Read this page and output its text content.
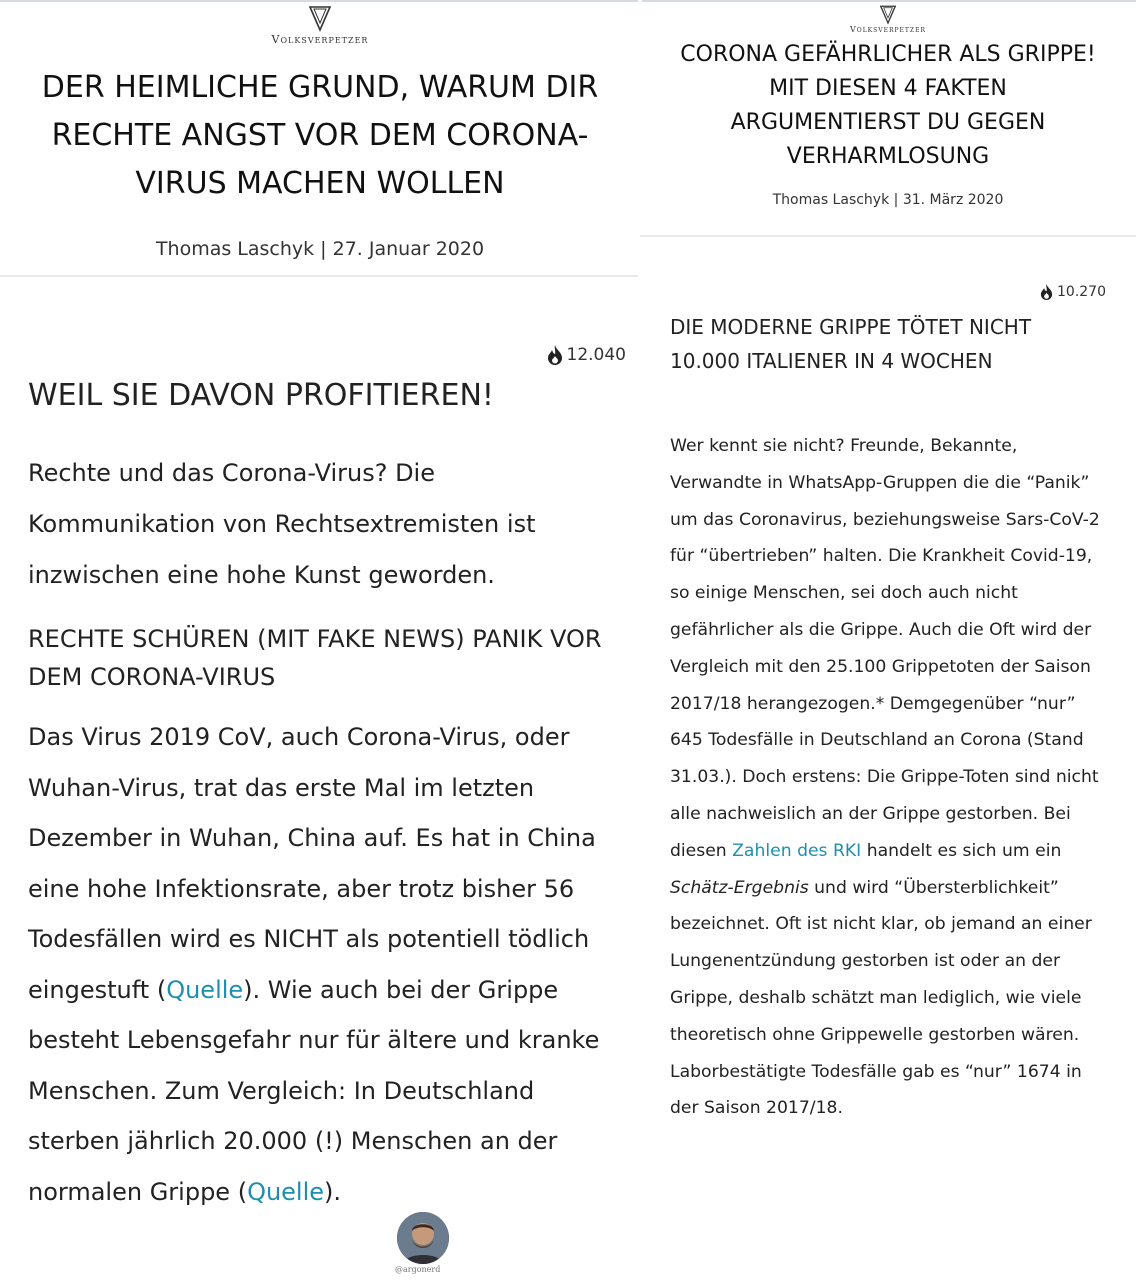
Volksverpetzer
DER HEIMLICHE GRUND, WARUM DIR RECHTE ANGST VOR DEM CORONA-VIRUS MACHEN WOLLEN
Thomas Laschyk | 27. Januar 2020
12.040
WEIL SIE DAVON PROFITIEREN!
Rechte und das Corona-Virus? Die Kommunikation von Rechtsextremisten ist inzwischen eine hohe Kunst geworden.
RECHTE SCHÜREN (MIT FAKE NEWS) PANIK VOR DEM CORONA-VIRUS
Das Virus 2019 CoV, auch Corona-Virus, oder Wuhan-Virus, trat das erste Mal im letzten Dezember in Wuhan, China auf. Es hat in China eine hohe Infektionsrate, aber trotz bisher 56 Todesfällen wird es NICHT als potentiell tödlich eingestuft (Quelle). Wie auch bei der Grippe besteht Lebensgefahr nur für ältere und kranke Menschen. Zum Vergleich: In Deutschland sterben jährlich 20.000 (!) Menschen an der normalen Grippe (Quelle).
@argonerd
Volksverpetzer
CORONA GEFÄHRLICHER ALS GRIPPE! MIT DIESEN 4 FAKTEN ARGUMENTIERST DU GEGEN VERHARMLOSUNG
Thomas Laschyk | 31. März 2020
10.270
DIE MODERNE GRIPPE TÖTET NICHT 10.000 ITALIENER IN 4 WOCHEN
Wer kennt sie nicht? Freunde, Bekannte, Verwandte in WhatsApp-Gruppen die die “Panik” um das Coronavirus, beziehungsweise Sars-CoV-2 für “übertrieben” halten. Die Krankheit Covid-19, so einige Menschen, sei doch auch nicht gefährlicher als die Grippe. Auch die Oft wird der Vergleich mit den 25.100 Grippetoten der Saison 2017/18 herangezogen.* Demgegenüber “nur” 645 Todesfälle in Deutschland an Corona (Stand 31.03.). Doch erstens: Die Grippe-Toten sind nicht alle nachweislich an der Grippe gestorben. Bei diesen Zahlen des RKI handelt es sich um ein Schätz-Ergebnis und wird “Übersterblichkeit” bezeichnet. Oft ist nicht klar, ob jemand an einer Lungenentzündung gestorben ist oder an der Grippe, deshalb schätzt man lediglich, wie viele theoretisch ohne Grippewelle gestorben wären. Laborbestätigte Todesfälle gab es “nur” 1674 in der Saison 2017/18.
